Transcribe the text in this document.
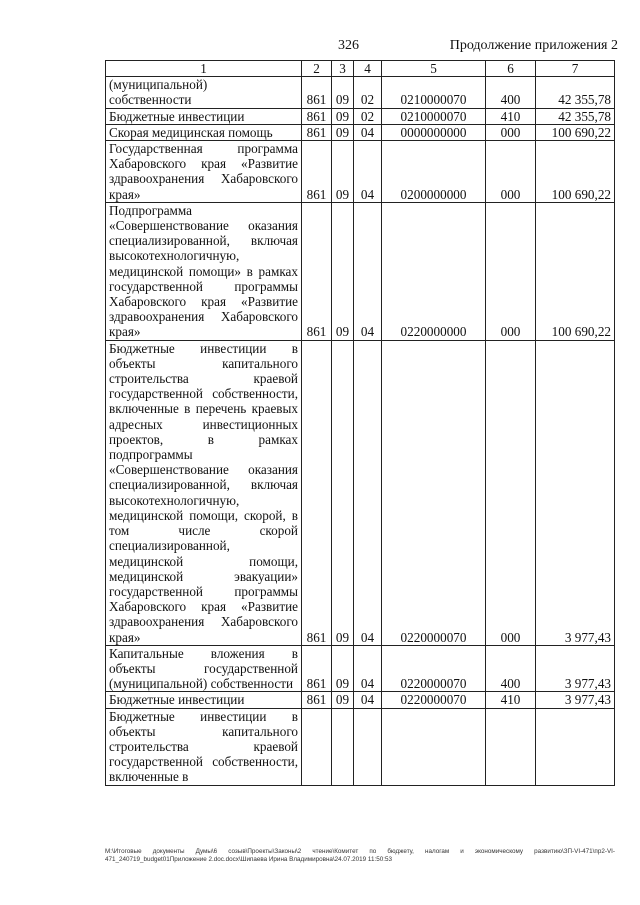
326	Продолжение приложения 2
1	2	3	4	5	6	7
(муниципальной)
собственности	861	09	02	0210000070	400	42 355,78
Бюджетные инвестиции	861	09	02	0210000070	410	42 355,78
Скорая медицинская помощь	861	09	04	0000000000	000	100 690,22
Государственная программа Хабаровского края «Развитие здравоохранения Хабаровского края»	861	09	04	0200000000	000	100 690,22
Подпрограмма «Совершенствование оказания специализированной, включая высокотехнологичную, медицинской помощи» в рамках государственной программы Хабаровского края «Развитие здравоохранения Хабаровского края»	861	09	04	0220000000	000	100 690,22
Бюджетные инвестиции в объекты капитального строительства краевой государственной собственности, включенные в перечень краевых адресных инвестиционных проектов, в рамках подпрограммы «Совершенствование оказания специализированной, включая высокотехнологичную, медицинской помощи, скорой, в том числе скорой специализированной, медицинской помощи, медицинской эвакуации» государственной программы Хабаровского края «Развитие здравоохранения Хабаровского края»	861	09	04	0220000070	000	3 977,43
Капитальные вложения в объекты государственной (муниципальной) собственности	861	09	04	0220000070	400	3 977,43
Бюджетные инвестиции	861	09	04	0220000070	410	3 977,43
Бюджетные инвестиции в объекты капитального строительства краевой государственной собственности, включенные в						
M:\Итоговые документы Думы\6 созыв\Проекты\Законы\2 чтение\Комитет по бюджету, налогам и экономическому развитию\ЗП-VI-471\пр2-VI-471_240719_budget01Приложение 2.doc.docx\Шипаева Ирина Владимировна\24.07.2019 11:50:53
